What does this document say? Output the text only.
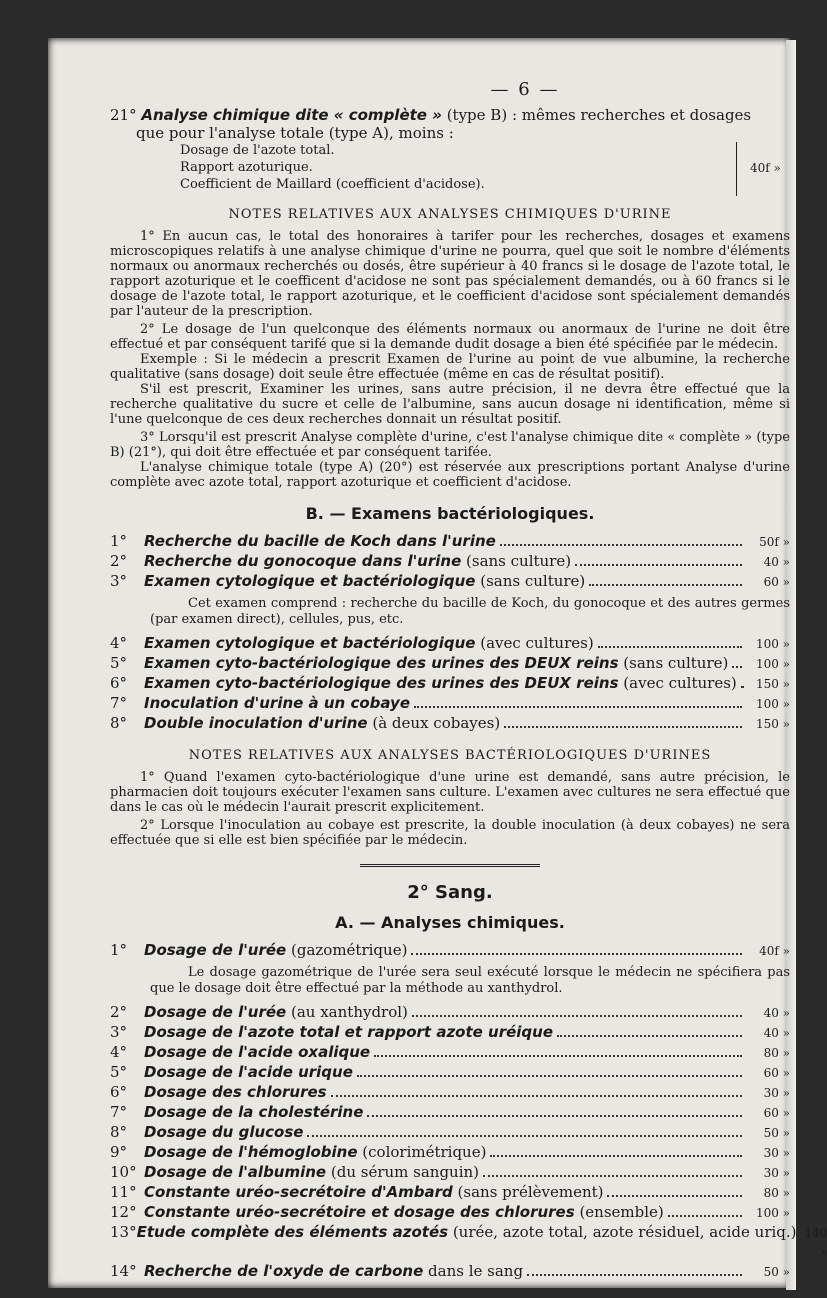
— 6 —
21° Analyse chimique dite « complète » (type B) : mêmes recherches et dosages
que pour l'analyse totale (type A), moins :
Dosage de l'azote total.
Rapport azoturique.
Coefficient de Maillard (coefficient d'acidose).
40f »
NOTES RELATIVES AUX ANALYSES CHIMIQUES D'URINE

1° En aucun cas, le total des honoraires à tarifer pour les recherches, dosages et examens microscopiques relatifs à une analyse chimique d'urine ne pourra, quel que soit le nombre d'éléments normaux ou anormaux recherchés ou dosés, être supérieur à 40 francs si le dosage de l'azote total, le rapport azoturique et le coefficent d'acidose ne sont pas spécialement demandés, ou à 60 francs si le dosage de l'azote total, le rapport azoturique, et le coefficient d'acidose sont spécialement demandés par l'auteur de la prescription.

2° Le dosage de l'un quelconque des éléments normaux ou anormaux de l'urine ne doit être effectué et par conséquent tarifé que si la demande dudit dosage a bien été spécifiée par le médecin.

Exemple : Si le médecin a prescrit Examen de l'urine au point de vue albumine, la recherche qualitative (sans dosage) doit seule être effectuée (même en cas de résultat positif).

S'il est prescrit, Examiner les urines, sans autre précision, il ne devra être effectué que la recherche qualitative du sucre et celle de l'albumine, sans aucun dosage ni identification, même si l'une quelconque de ces deux recherches donnait un résultat positif.

3° Lorsqu'il est prescrit Analyse complète d'urine, c'est l'analyse chimique dite « complète » (type B) (21°), qui doit être effectuée et par conséquent tarifée.

L'analyse chimique totale (type A) (20°) est réservée aux prescriptions portant Analyse d'urine complète avec azote total, rapport azoturique et coefficient d'acidose.

B. — Examens bactériologiques.
1°	Recherche du bacille de Koch dans l'urine	50f »
2°	Recherche du gonocoque dans l'urine (sans culture)	40 »
3°	Examen cytologique et bactériologique (sans culture)	60 »
Cet examen comprend : recherche du bacille de Koch, du gonocoque et des autres germes (par examen direct), cellules, pus, etc.
4°	Examen cytologique et bactériologique (avec cultures)	100 »
5°	Examen cyto-bactériologique des urines des DEUX reins (sans culture)	100 »
6°	Examen cyto-bactériologique des urines des DEUX reins (avec cultures)	150 »
7°	Inoculation d'urine à un cobaye	100 »
8°	Double inoculation d'urine (à deux cobayes)	150 »
NOTES RELATIVES AUX ANALYSES BACTÉRIOLOGIQUES D'URINES

1° Quand l'examen cyto-bactériologique d'une urine est demandé, sans autre précision, le pharmacien doit toujours exécuter l'examen sans culture. L'examen avec cultures ne sera effectué que dans le cas où le médecin l'aurait prescrit explicitement.

2° Lorsque l'inoculation au cobaye est prescrite, la double inoculation (à deux cobayes) ne sera effectuée que si elle est bien spécifiée par le médecin.

2° Sang.
A. — Analyses chimiques.
1°	Dosage de l'urée (gazométrique)	40f »
Le dosage gazométrique de l'urée sera seul exécuté lorsque le médecin ne spécifiera pas que le dosage doit être effectué par la méthode au xanthydrol.
2°	Dosage de l'urée (au xanthydrol)	40 »
3°	Dosage de l'azote total et rapport azote uréique	40 »
4°	Dosage de l'acide oxalique	80 »
5°	Dosage de l'acide urique	60 »
6°	Dosage des chlorures	30 »
7°	Dosage de la cholestérine	60 »
8°	Dosage du glucose	50 »
9°	Dosage de l'hémoglobine (colorimétrique)	30 »
10° Dosage de l'albumine (du sérum sanguin)	30 »
11° Constante uréo-secrétoire d'Ambard (sans prélèvement)	80 »
12° Constante uréo-secrétoire et dosage des chlorures (ensemble)	100 »
13° Etude complète des éléments azotés (urée, azote total, azote résiduel, acide uriq.) 140 »
14° Recherche de l'oxyde de carbone dans le sang	50 »
